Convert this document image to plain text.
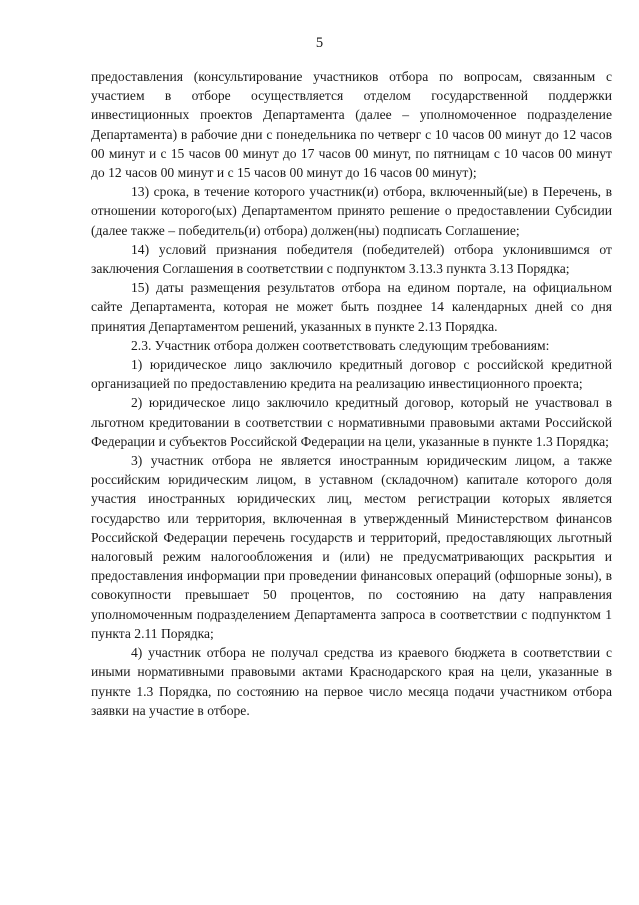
5

предоставления (консультирование участников отбора по вопросам, связанным с участием в отборе осуществляется отделом государственной поддержки инвестиционных проектов Департамента (далее – уполномоченное подразделение Департамента) в рабочие дни с понедельника по четверг с 10 часов 00 минут до 12 часов 00 минут и с 15 часов 00 минут до 17 часов 00 минут, по пятницам с 10 часов 00 минут до 12 часов 00 минут и с 15 часов 00 минут до 16 часов 00 минут);

13) срока, в течение которого участник(и) отбора, включенный(ые) в Перечень, в отношении которого(ых) Департаментом принято решение о предоставлении Субсидии (далее также – победитель(и) отбора) должен(ны) подписать Соглашение;

14) условий признания победителя (победителей) отбора уклонившимся от заключения Соглашения в соответствии с подпунктом 3.13.3 пункта 3.13 Порядка;

15) даты размещения результатов отбора на едином портале, на официальном сайте Департамента, которая не может быть позднее 14 календарных дней со дня принятия Департаментом решений, указанных в пункте 2.13 Порядка.

2.3. Участник отбора должен соответствовать следующим требованиям:

1) юридическое лицо заключило кредитный договор с российской кредитной организацией по предоставлению кредита на реализацию инвестиционного проекта;

2) юридическое лицо заключило кредитный договор, который не участвовал в льготном кредитовании в соответствии с нормативными правовыми актами Российской Федерации и субъектов Российской Федерации на цели, указанные в пункте 1.3 Порядка;

3) участник отбора не является иностранным юридическим лицом, а также российским юридическим лицом, в уставном (складочном) капитале которого доля участия иностранных юридических лиц, местом регистрации которых является государство или территория, включенная в утвержденный Министерством финансов Российской Федерации перечень государств и территорий, предоставляющих льготный налоговый режим налогообложения и (или) не предусматривающих раскрытия и предоставления информации при проведении финансовых операций (офшорные зоны), в совокупности превышает 50 процентов, по состоянию на дату направления уполномоченным подразделением Департамента запроса в соответствии с подпунктом 1 пункта 2.11 Порядка;

4) участник отбора не получал средства из краевого бюджета в соответствии с иными нормативными правовыми актами Краснодарского края на цели, указанные в пункте 1.3 Порядка, по состоянию на первое число месяца подачи участником отбора заявки на участие в отборе.
